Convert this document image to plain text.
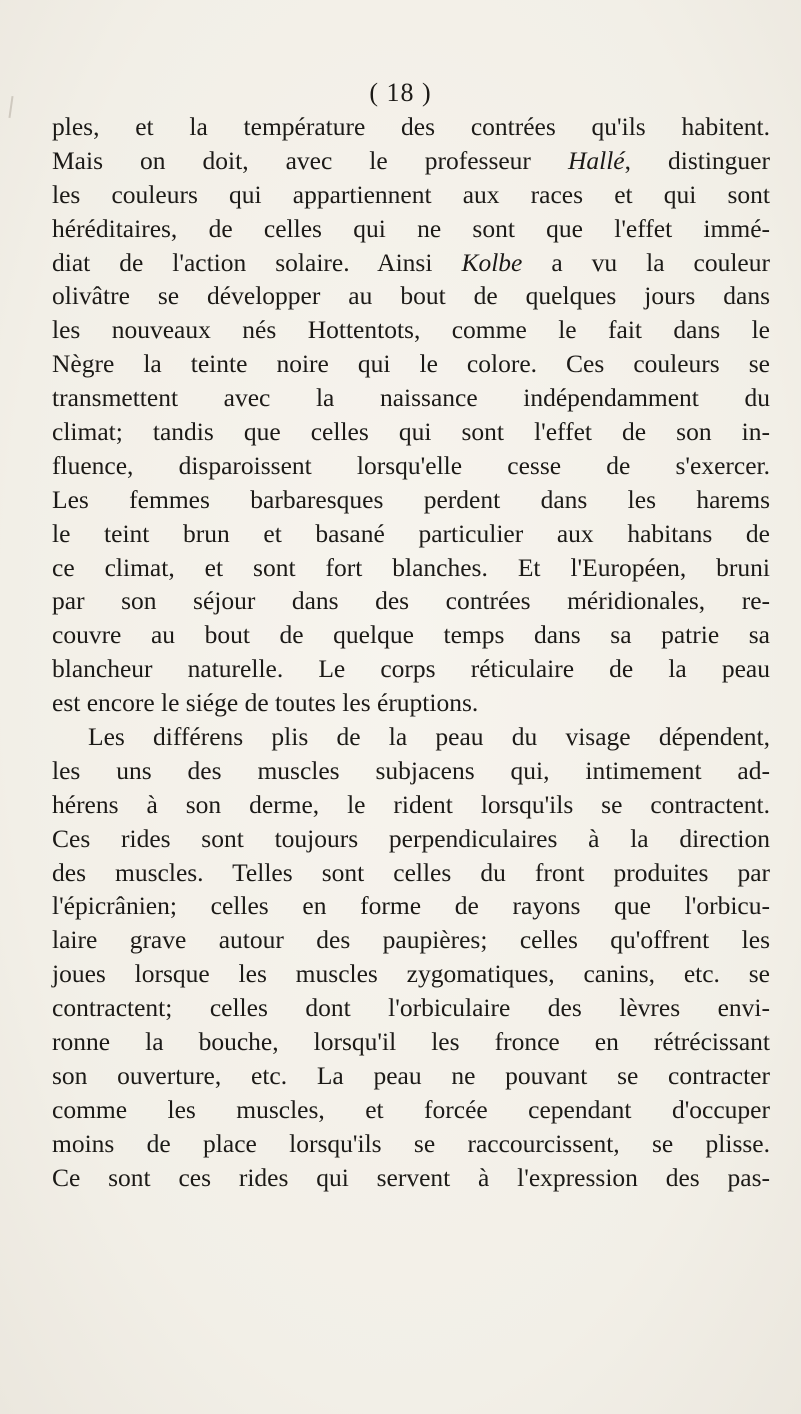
( 18 )
ples, et la température des contrées qu'ils habitent.
Mais on doit, avec le professeur Hallé, distinguer
les couleurs qui appartiennent aux races et qui sont
héréditaires, de celles qui ne sont que l'effet immé-
diat de l'action solaire. Ainsi Kolbe a vu la couleur
olivâtre se développer au bout de quelques jours dans
les nouveaux nés Hottentots, comme le fait dans le
Nègre la teinte noire qui le colore. Ces couleurs se
transmettent avec la naissance indépendamment du
climat; tandis que celles qui sont l'effet de son in-
fluence, disparoissent lorsqu'elle cesse de s'exercer.
Les femmes barbaresques perdent dans les harems
le teint brun et basané particulier aux habitans de
ce climat, et sont fort blanches. Et l'Européen, bruni
par son séjour dans des contrées méridionales, re-
couvre au bout de quelque temps dans sa patrie sa
blancheur naturelle. Le corps réticulaire de la peau
est encore le siége de toutes les éruptions.
Les différens plis de la peau du visage dépendent,
les uns des muscles subjacens qui, intimement ad-
hérens à son derme, le rident lorsqu'ils se contractent.
Ces rides sont toujours perpendiculaires à la direction
des muscles. Telles sont celles du front produites par
l'épicrânien; celles en forme de rayons que l'orbicu-
laire grave autour des paupières; celles qu'offrent les
joues lorsque les muscles zygomatiques, canins, etc. se
contractent; celles dont l'orbiculaire des lèvres envi-
ronne la bouche, lorsqu'il les fronce en rétrécissant
son ouverture, etc. La peau ne pouvant se contracter
comme les muscles, et forcée cependant d'occuper
moins de place lorsqu'ils se raccourcissent, se plisse.
Ce sont ces rides qui servent à l'expression des pas-
